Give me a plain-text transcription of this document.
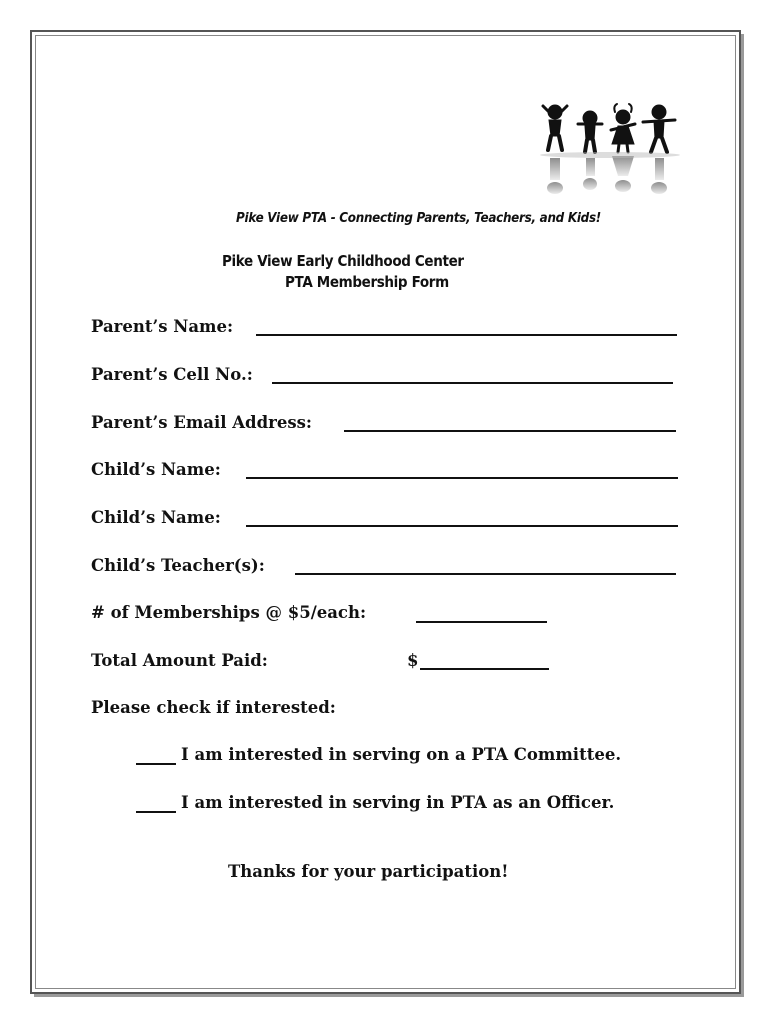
Pike View PTA - Connecting Parents, Teachers, and Kids!
Pike View Early Childhood Center
PTA Membership Form
Parent’s Name:
Parent’s Cell No.:
Parent’s Email Address:
Child’s Name:
Child’s Name:
Child’s Teacher(s):
# of Memberships @ $5/each:
Total Amount Paid:	$
Please check if interested:
I am interested in serving on a PTA Committee.
I am interested in serving in PTA as an Officer.
Thanks for your participation!
